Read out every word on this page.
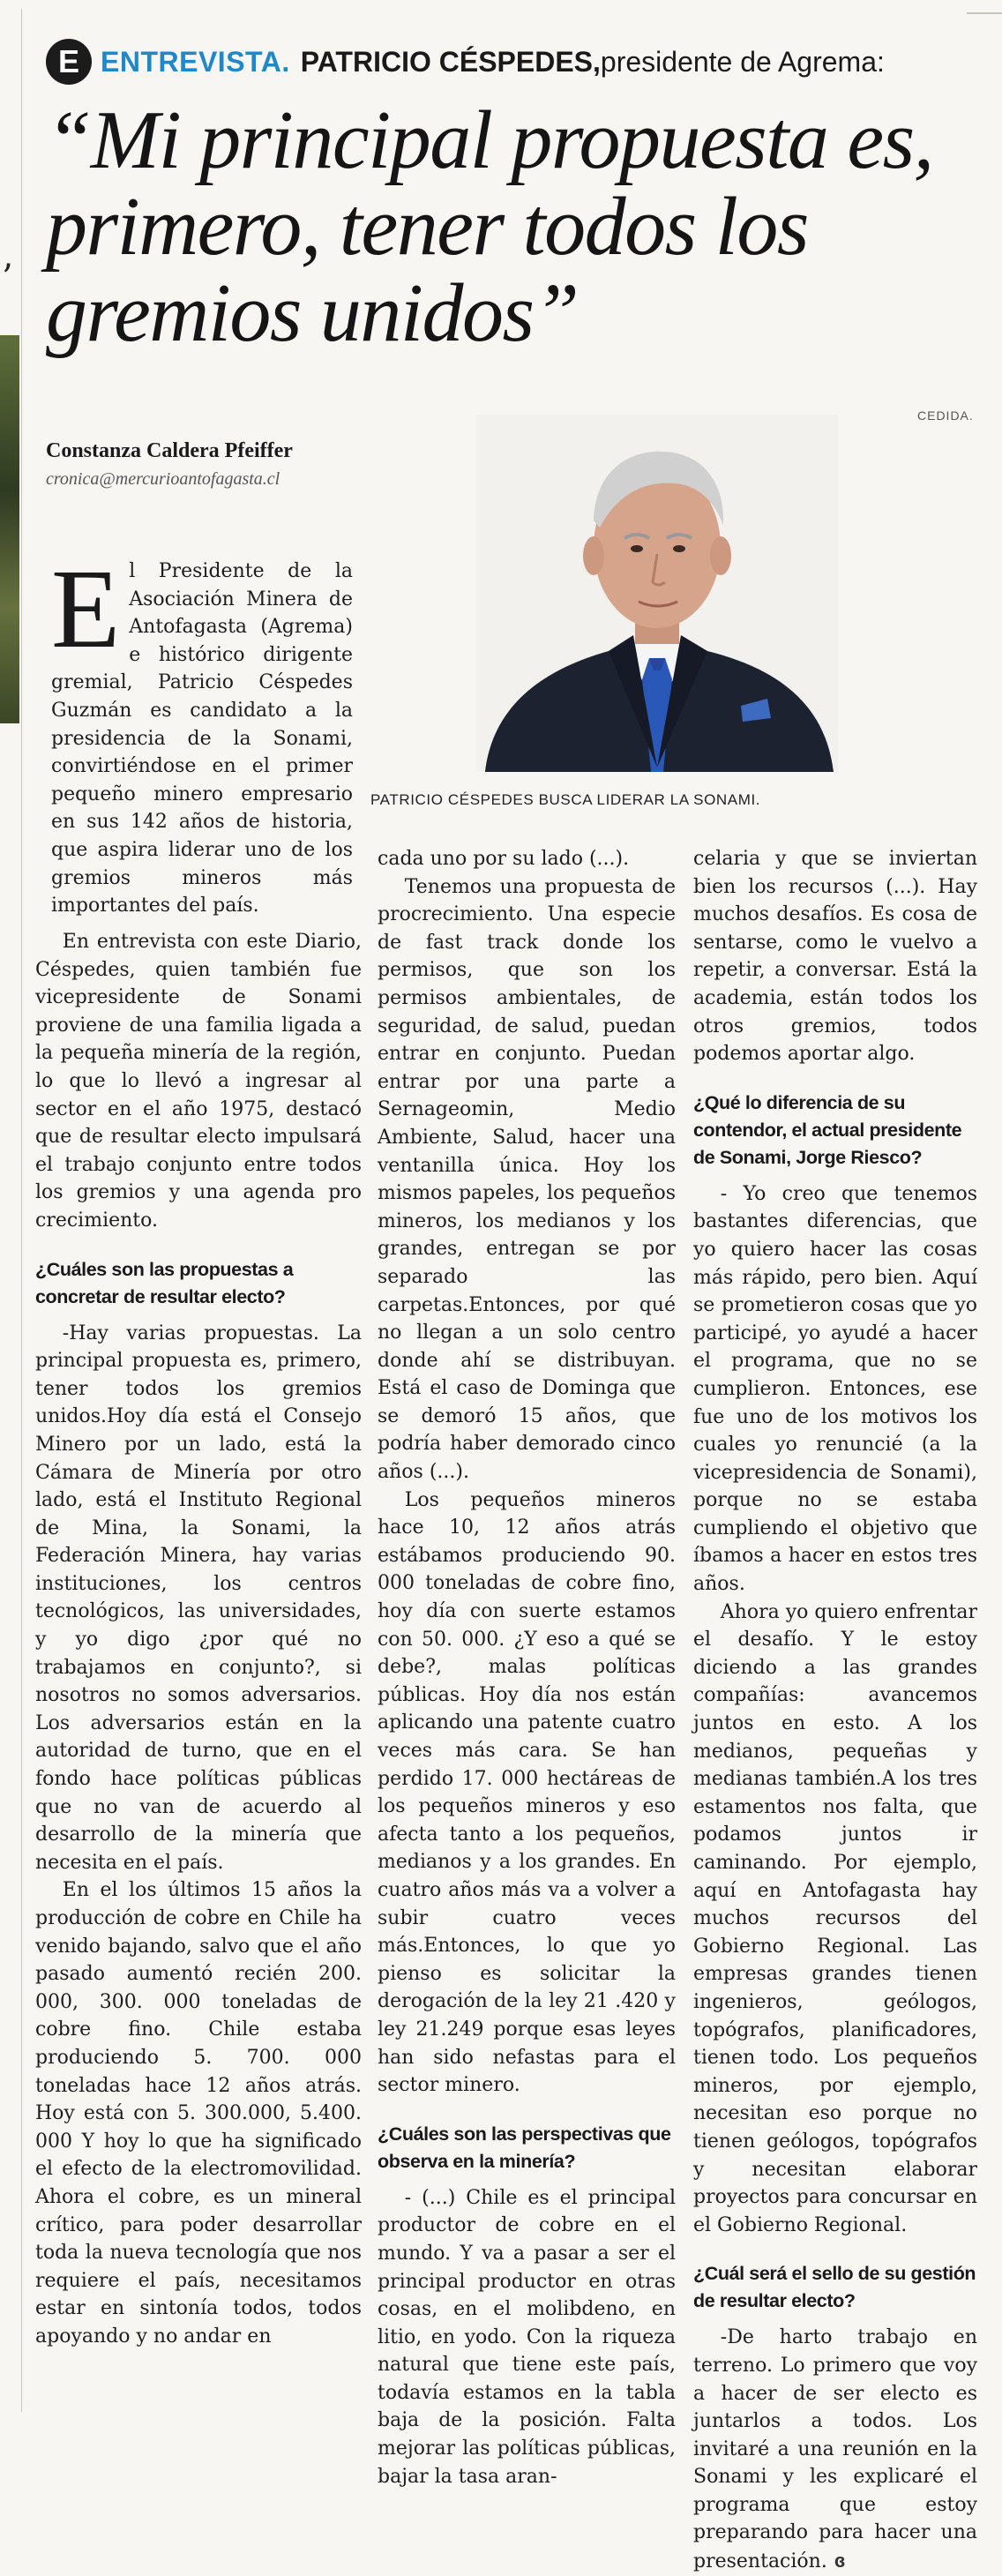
’
E ENTREVISTA. PATRICIO CÉSPEDES, presidente de Agrema:
“Mi principal propuesta es, primero, tener todos los gremios unidos”
Constanza Caldera Pfeiffer
cronica@mercurioantofagasta.cl
CEDIDA.
PATRICIO CÉSPEDES BUSCA LIDERAR LA SONAMI.

El Presidente de la Asociación Minera de Antofagasta (Agrema) e histórico dirigente gremial, Patricio Céspedes Guzmán es candidato a la presidencia de la Sonami, convirtiéndose en el primer pequeño minero empresario en sus 142 años de historia, que aspira liderar uno de los gremios mineros más importantes del país.

En entrevista con este Diario, Céspedes, quien también fue vicepresidente de Sonami proviene de una familia ligada a la pequeña minería de la región, lo que lo llevó a ingresar al sector en el año 1975, destacó que de resultar electo impulsará el trabajo conjunto entre todos los gremios y una agenda pro crecimiento.

¿Cuáles son las propuestas a concretar de resultar electo?

-Hay varias propuestas. La principal propuesta es, primero, tener todos los gremios unidos.Hoy día está el Consejo Minero por un lado, está la Cámara de Minería por otro lado, está el Instituto Regional de Mina, la Sonami, la Federación Minera, hay varias instituciones, los centros tecnológicos, las universidades, y yo digo ¿por qué no trabajamos en conjunto?, si nosotros no somos adversarios. Los adversarios están en la autoridad de turno, que en el fondo hace políticas públicas que no van de acuerdo al desarrollo de la minería que necesita en el país.

En el los últimos 15 años la producción de cobre en Chile ha venido bajando, salvo que el año pasado aumentó recién 200. 000, 300. 000 toneladas de cobre fino. Chile estaba produciendo 5. 700. 000 toneladas hace 12 años atrás. Hoy está con 5. 300.000, 5.400. 000 Y hoy lo que ha significado el efecto de la electromovilidad. Ahora el cobre, es un mineral crítico, para poder desarrollar toda la nueva tecnología que nos requiere el país, necesitamos estar en sintonía todos, todos apoyando y no andar en

cada uno por su lado (...).

Tenemos una propuesta de procrecimiento. Una especie de fast track donde los permisos, que son los permisos ambientales, de seguridad, de salud, puedan entrar en conjunto. Puedan entrar por una parte a Sernageomin, Medio Ambiente, Salud, hacer una ventanilla única. Hoy los mismos papeles, los pequeños mineros, los medianos y los grandes, entregan se por separado las carpetas.Entonces, por qué no llegan a un solo centro donde ahí se distribuyan. Está el caso de Dominga que se demoró 15 años, que podría haber demorado cinco años (...).

Los pequeños mineros hace 10, 12 años atrás estábamos produciendo 90. 000 toneladas de cobre fino, hoy día con suerte estamos con 50. 000. ¿Y eso a qué se debe?, malas políticas públicas. Hoy día nos están aplicando una patente cuatro veces más cara. Se han perdido 17. 000 hectáreas de los pequeños mineros y eso afecta tanto a los pequeños, medianos y a los grandes. En cuatro años más va a volver a subir cuatro veces más.Entonces, lo que yo pienso es solicitar la derogación de la ley 21 .420 y ley 21.249 porque esas leyes han sido nefastas para el sector minero.

¿Cuáles son las perspectivas que observa en la minería?

- (...) Chile es el principal productor de cobre en el mundo. Y va a pasar a ser el principal productor en otras cosas, en el molibdeno, en litio, en yodo. Con la riqueza natural que tiene este país, todavía estamos en la tabla baja de la posición. Falta mejorar las políticas públicas, bajar la tasa aran-

celaria y que se inviertan bien los recursos (...). Hay muchos desafíos. Es cosa de sentarse, como le vuelvo a repetir, a conversar. Está la academia, están todos los otros gremios, todos podemos aportar algo.

¿Qué lo diferencia de su contendor, el actual presidente de Sonami, Jorge Riesco?

- Yo creo que tenemos bastantes diferencias, que yo quiero hacer las cosas más rápido, pero bien. Aquí se prometieron cosas que yo participé, yo ayudé a hacer el programa, que no se cumplieron. Entonces, ese fue uno de los motivos los cuales yo renuncié (a la vicepresidencia de Sonami), porque no se estaba cumpliendo el objetivo que íbamos a hacer en estos tres años.

Ahora yo quiero enfrentar el desafío. Y le estoy diciendo a las grandes compañías: avancemos juntos en esto. A los medianos, pequeñas y medianas también.A los tres estamentos nos falta, que podamos juntos ir caminando. Por ejemplo, aquí en Antofagasta hay muchos recursos del Gobierno Regional. Las empresas grandes tienen ingenieros, geólogos, topógrafos, planificadores, tienen todo. Los pequeños mineros, por ejemplo, necesitan eso porque no tienen geólogos, topógrafos y necesitan elaborar proyectos para concursar en el Gobierno Regional.

¿Cuál será el sello de su gestión de resultar electo?

-De harto trabajo en terreno. Lo primero que voy a hacer de ser electo es juntarlos a todos. Los invitaré a una reunión en la Sonami y les explicaré el programa que estoy preparando para hacer una presentación. ɞ
